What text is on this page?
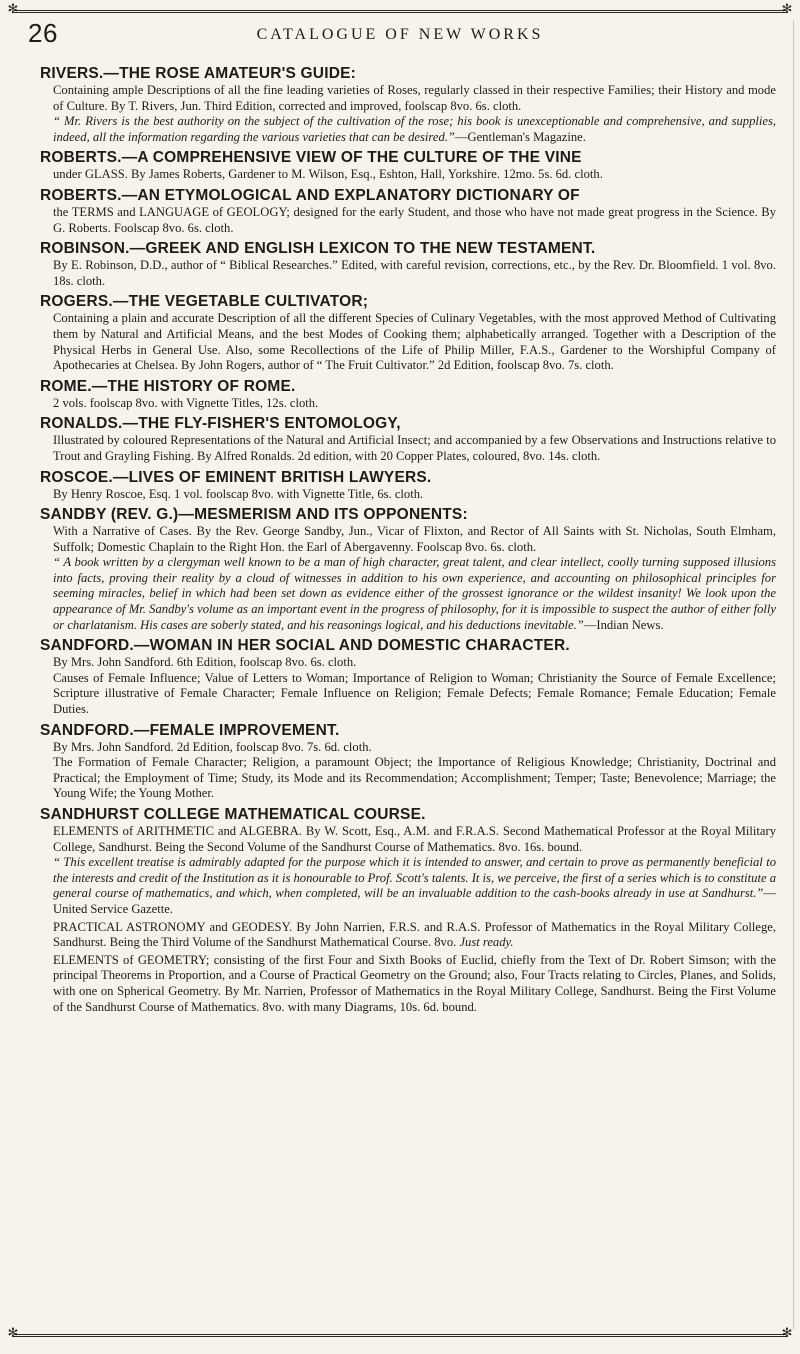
✻	✻
✻	✻
26	CATALOGUE OF NEW WORKS
RIVERS.—THE ROSE AMATEUR'S GUIDE:

Containing ample Descriptions of all the fine leading varieties of Roses, regularly classed in their respective Families; their History and mode of Culture. By T. Rivers, Jun. Third Edition, corrected and improved, foolscap 8vo. 6s. cloth.

“ Mr. Rivers is the best authority on the subject of the cultivation of the rose; his book is unexceptionable and comprehensive, and supplies, indeed, all the information regarding the various varieties that can be desired.”—Gentleman's Magazine.

ROBERTS.—A COMPREHENSIVE VIEW OF THE CULTURE OF THE VINE

under GLASS. By James Roberts, Gardener to M. Wilson, Esq., Eshton, Hall, Yorkshire. 12mo. 5s. 6d. cloth.

ROBERTS.—AN ETYMOLOGICAL AND EXPLANATORY DICTIONARY OF

the TERMS and LANGUAGE of GEOLOGY; designed for the early Student, and those who have not made great progress in the Science. By G. Roberts. Foolscap 8vo. 6s. cloth.

ROBINSON.—GREEK AND ENGLISH LEXICON TO THE NEW TESTAMENT.

By E. Robinson, D.D., author of “ Biblical Researches.” Edited, with careful revision, corrections, etc., by the Rev. Dr. Bloomfield. 1 vol. 8vo. 18s. cloth.

ROGERS.—THE VEGETABLE CULTIVATOR;

Containing a plain and accurate Description of all the different Species of Culinary Vegetables, with the most approved Method of Cultivating them by Natural and Artificial Means, and the best Modes of Cooking them; alphabetically arranged. Together with a Description of the Physical Herbs in General Use. Also, some Recollections of the Life of Philip Miller, F.A.S., Gardener to the Worshipful Company of Apothecaries at Chelsea. By John Rogers, author of “ The Fruit Cultivator.” 2d Edition, foolscap 8vo. 7s. cloth.

ROME.—THE HISTORY OF ROME.

2 vols. foolscap 8vo. with Vignette Titles, 12s. cloth.

RONALDS.—THE FLY-FISHER'S ENTOMOLOGY,

Illustrated by coloured Representations of the Natural and Artificial Insect; and accompanied by a few Observations and Instructions relative to Trout and Grayling Fishing. By Alfred Ronalds. 2d edition, with 20 Copper Plates, coloured, 8vo. 14s. cloth.

ROSCOE.—LIVES OF EMINENT BRITISH LAWYERS.

By Henry Roscoe, Esq. 1 vol. foolscap 8vo. with Vignette Title, 6s. cloth.

SANDBY (REV. G.)—MESMERISM AND ITS OPPONENTS:

With a Narrative of Cases. By the Rev. George Sandby, Jun., Vicar of Flixton, and Rector of All Saints with St. Nicholas, South Elmham, Suffolk; Domestic Chaplain to the Right Hon. the Earl of Abergavenny. Foolscap 8vo. 6s. cloth.

“ A book written by a clergyman well known to be a man of high character, great talent, and clear intellect, coolly turning supposed illusions into facts, proving their reality by a cloud of witnesses in addition to his own experience, and accounting on philosophical principles for seeming miracles, belief in which had been set down as evidence either of the grossest ignorance or the wildest insanity! We look upon the appearance of Mr. Sandby's volume as an important event in the progress of philosophy, for it is impossible to suspect the author of either folly or charlatanism. His cases are soberly stated, and his reasonings logical, and his deductions inevitable.”—Indian News.

SANDFORD.—WOMAN IN HER SOCIAL AND DOMESTIC CHARACTER.

By Mrs. John Sandford. 6th Edition, foolscap 8vo. 6s. cloth.

Causes of Female Influence; Value of Letters to Woman; Importance of Religion to Woman; Christianity the Source of Female Excellence; Scripture illustrative of Female Character; Female Influence on Religion; Female Defects; Female Romance; Female Education; Female Duties.

SANDFORD.—FEMALE IMPROVEMENT.

By Mrs. John Sandford. 2d Edition, foolscap 8vo. 7s. 6d. cloth.

The Formation of Female Character; Religion, a paramount Object; the Importance of Religious Knowledge; Christianity, Doctrinal and Practical; the Employment of Time; Study, its Mode and its Recommendation; Accomplishment; Temper; Taste; Benevolence; Marriage; the Young Wife; the Young Mother.

SANDHURST COLLEGE MATHEMATICAL COURSE.

ELEMENTS of ARITHMETIC and ALGEBRA. By W. Scott, Esq., A.M. and F.R.A.S. Second Mathematical Professor at the Royal Military College, Sandhurst. Being the Second Volume of the Sandhurst Course of Mathematics. 8vo. 16s. bound.

“ This excellent treatise is admirably adapted for the purpose which it is intended to answer, and certain to prove as permanently beneficial to the interests and credit of the Institution as it is honourable to Prof. Scott's talents. It is, we perceive, the first of a series which is to constitute a general course of mathematics, and which, when completed, will be an invaluable addition to the cash-books already in use at Sandhurst.”—United Service Gazette.

PRACTICAL ASTRONOMY and GEODESY. By John Narrien, F.R.S. and R.A.S. Professor of Mathematics in the Royal Military College, Sandhurst. Being the Third Volume of the Sandhurst Mathematical Course. 8vo. Just ready.

ELEMENTS of GEOMETRY; consisting of the first Four and Sixth Books of Euclid, chiefly from the Text of Dr. Robert Simson; with the principal Theorems in Proportion, and a Course of Practical Geometry on the Ground; also, Four Tracts relating to Circles, Planes, and Solids, with one on Spherical Geometry. By Mr. Narrien, Professor of Mathematics in the Royal Military College, Sandhurst. Being the First Volume of the Sandhurst Course of Mathematics. 8vo. with many Diagrams, 10s. 6d. bound.
